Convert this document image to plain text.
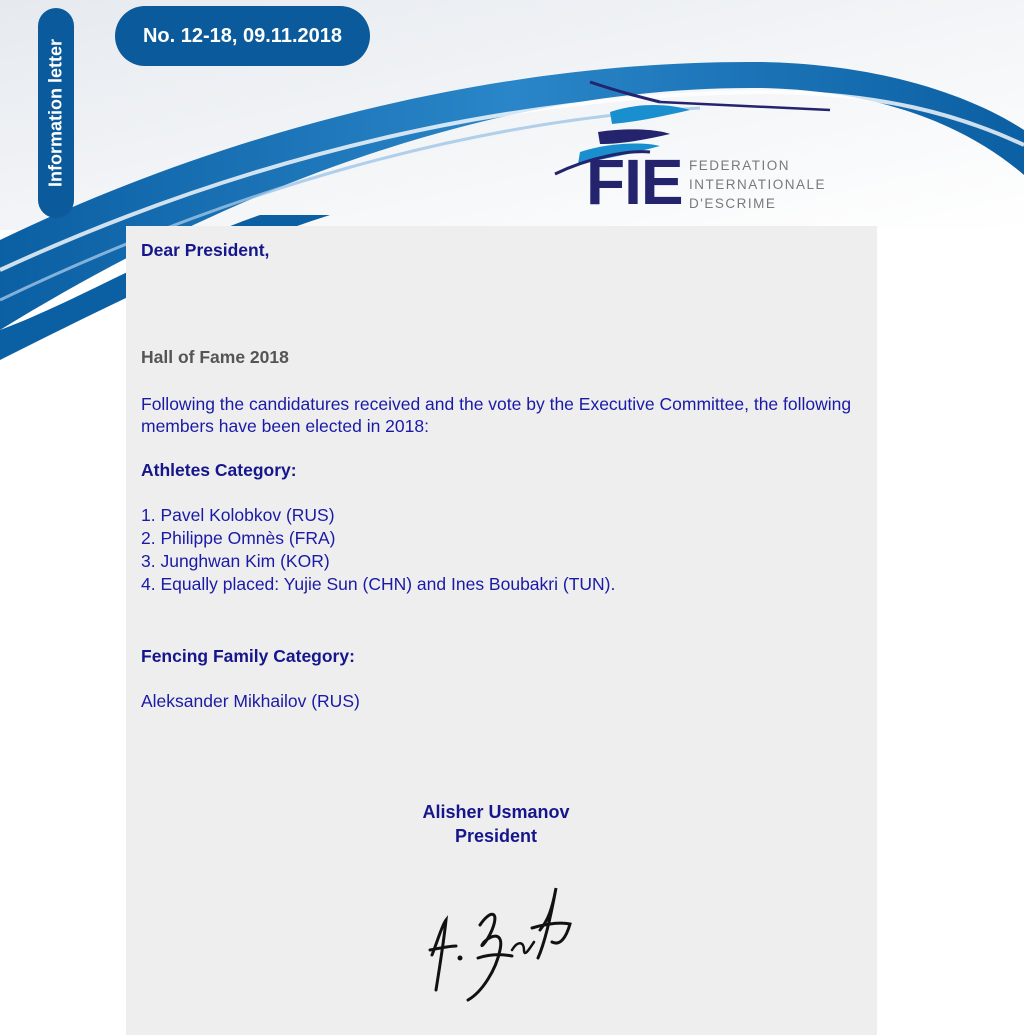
Information letter
No. 12-18, 09.11.2018
FIE FEDERATION
INTERNATIONALE
D'ESCRIME
Dear President,
Hall of Fame 2018
Following the candidatures received and the vote by the Executive Committee, the following members have been elected in 2018:
Athletes Category:
1. Pavel Kolobkov (RUS)
2. Philippe Omnès (FRA)
3. Junghwan Kim (KOR)
4. Equally placed: Yujie Sun (CHN) and Ines Boubakri (TUN).
Fencing Family Category:
Aleksander Mikhailov (RUS)
Alisher Usmanov
President
